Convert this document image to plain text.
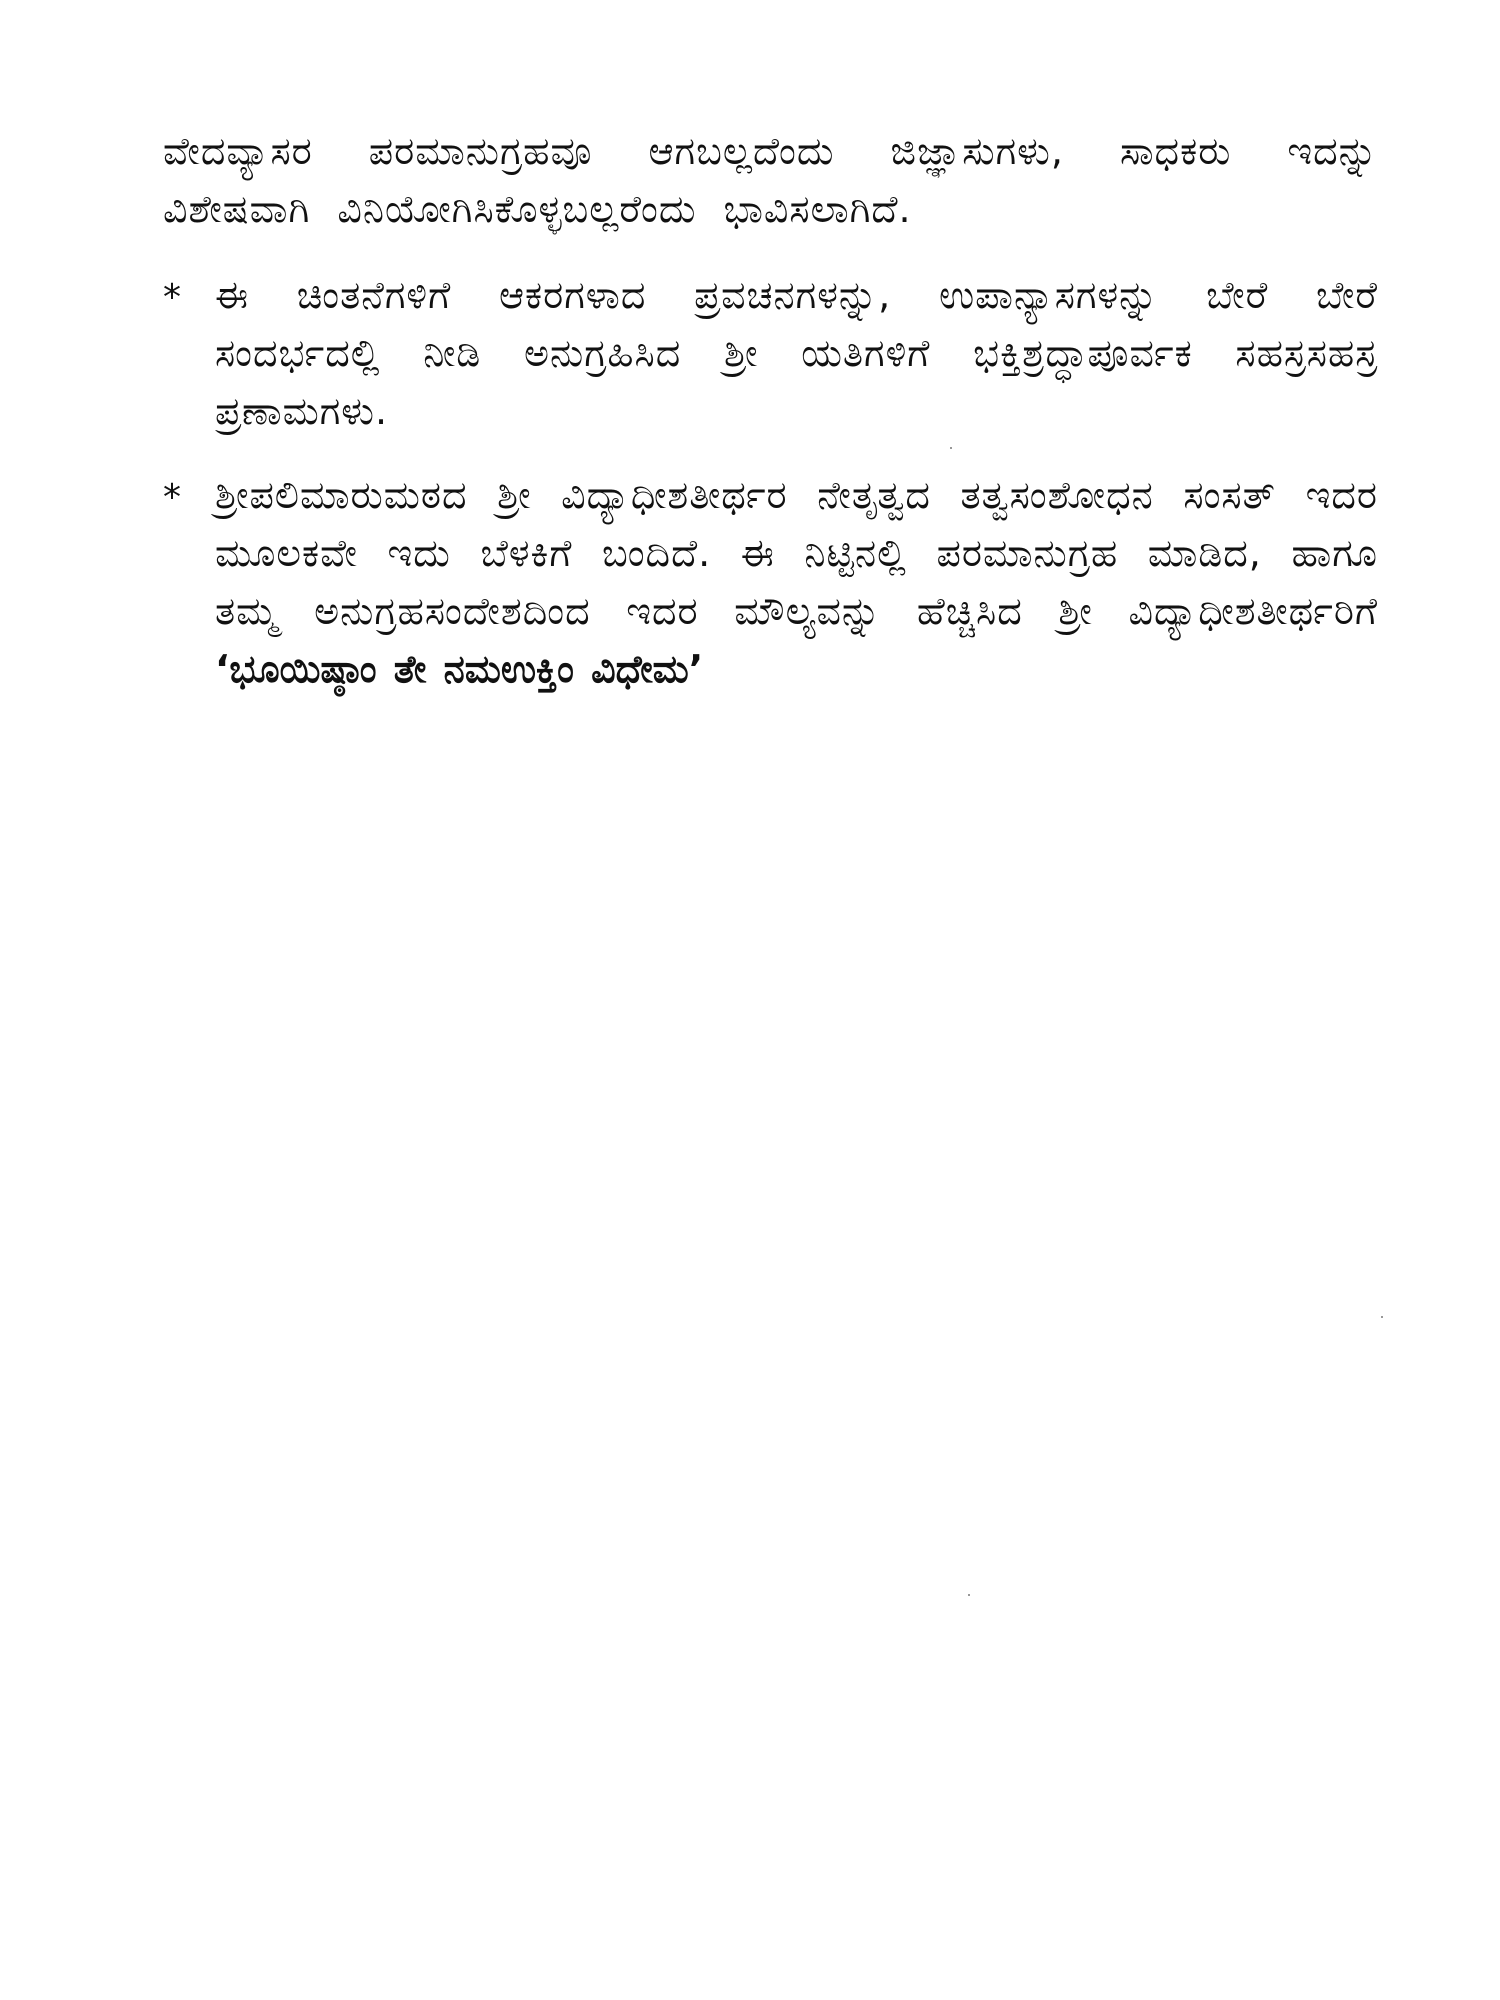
ವೇದವ್ಯಾಸರ ಪರಮಾನುಗ್ರಹವೂ ಆಗಬಲ್ಲದೆಂದು ಜಿಜ್ಞಾಸುಗಳು, ಸಾಧಕರು ಇದನ್ನು ವಿಶೇಷವಾಗಿ ವಿನಿಯೋಗಿಸಿಕೊಳ್ಳಬಲ್ಲರೆಂದು ಭಾವಿಸಲಾಗಿದೆ.

* ಈ ಚಿಂತನೆಗಳಿಗೆ ಆಕರಗಳಾದ ಪ್ರವಚನಗಳನ್ನು, ಉಪಾನ್ಯಾಸಗಳನ್ನು ಬೇರೆ ಬೇರೆ ಸಂದರ್ಭದಲ್ಲಿ ನೀಡಿ ಅನುಗ್ರಹಿಸಿದ ಶ್ರೀ ಯತಿಗಳಿಗೆ ಭಕ್ತಿಶ್ರದ್ಧಾಪೂರ್ವಕ ಸಹಸ್ರಸಹಸ್ರ ಪ್ರಣಾಮಗಳು.

* ಶ್ರೀಪಲಿಮಾರುಮಠದ ಶ್ರೀ ವಿದ್ಯಾಧೀಶತೀರ್ಥರ ನೇತೃತ್ವದ ತತ್ವಸಂಶೋಧನ ಸಂಸತ್ ಇದರ ಮೂಲಕವೇ ಇದು ಬೆಳಕಿಗೆ ಬಂದಿದೆ. ಈ ನಿಟ್ಟಿನಲ್ಲಿ ಪರಮಾನುಗ್ರಹ ಮಾಡಿದ, ಹಾಗೂ ತಮ್ಮ ಅನುಗ್ರಹಸಂದೇಶದಿಂದ ಇದರ ಮೌಲ್ಯವನ್ನು ಹೆಚ್ಚಿಸಿದ ಶ್ರೀ ವಿದ್ಯಾಧೀಶತೀರ್ಥರಿಗೆ ‘ಭೂಯಿಷ್ಠಾಂ ತೇ ನಮಉಕ್ತಿಂ ವಿಧೇಮ’
